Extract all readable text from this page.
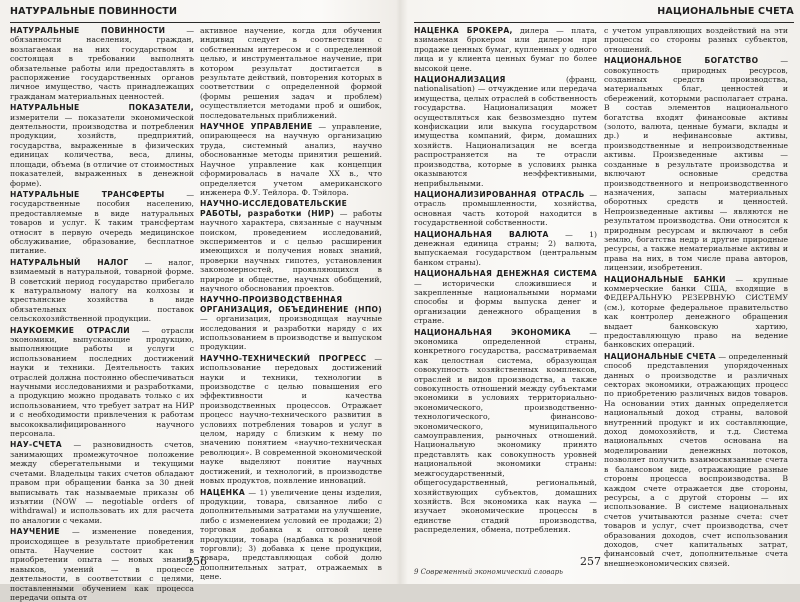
НАТУРАЛЬНЫЕ ПОВИННОСТИ

НАТУРАЛЬНЫЕ ПОВИННОСТИ	— обязанности населения, граждан, возлагаемая на них государством и состоящая в требовании выполнять обязательные работы или предоставлять в распоряжение государственных органов личное имущество, часть принадлежащих гражданам материальных ценностей.

НАТУРАЛЬНЫЕ ПОКАЗАТЕЛИ, измерители — показатели экономической деятельности, производства и потребления продукции, хозяйств, предприятий, государства, выраженные в физических единицах количества, веса, длины, площади, объема (в отличие от стоимостных показателей, выраженных в денежной форме).

НАТУРАЛЬНЫЕ ТРАНСФЕРТЫ	— государственные пособия населению, предоставляемые в виде натуральных товаров и услуг. К таким трансфертам относят в первую очередь медицинское обслуживание, образование, бесплатное питание.

НАТУРАЛЬНЫЙ НАЛОГ — налог, взимаемый в натуральной, товарной форме. В советский период государство прибегало к натуральному налогу на колхозы и крестьянские хозяйства в виде обязательных поставок сельскохозяйственной продукции.

НАУКОЕМКИЕ ОТРАСЛИ — отрасли экономики, выпускающие продукцию, выполняющие работы и услуги с использованием последних достижений науки и техники. Деятельность таких отраслей должна постоянно обеспечиваться научными исследованиями и разработками, а продукцию можно продавать только с их использованием, что требует затрат на НИР и с необходимости привлечения к работам высококвалифицированного научного персонала.

НАУ-СЧЕТА — разновидность счетов, занимающих промежуточное положение между сберегательными и текущими счетами. Владельцы таких счетов обладают правом при обращении банка за 30 дней выписывать так называемые приказы об изъятии (NOW — negotiable orders of withdrawal) и использовать их для расчета по аналогии с чеками.

НАУЧЕНИЕ — изменение поведения, происходящее в результате приобретения опыта. Научение состоит как в приобретении опыта — новых знаний, навыков, умений — в процессе деятельности, в соответствии с целями, поставленными обучением как процесса передачи опыта от

активное научение, когда для обучения индивид следует в соответствии с собственным интересом и с определенной целью, и инструментальное научение, при котором результат достигается в результате действий, повторения которых в соответствии с определенной формой (формы решения задач и проблем) осуществляется методами проб и ошибок, последовательных приближений.

НАУЧНОЕ УПРАВЛЕНИЕ — управление, опирающееся на научную организацию труда, системный анализ, научно обоснованные методы принятия решений. Научное управление как концепция сформировалась в начале XX в., что определяется учетом американского инженера Ф.У. Тейлора. Ф. Тэйлора.

НАУЧНО-ИССЛЕДОВАТЕЛЬСКИЕ РАБОТЫ, разработки (НИР) — работы научного характера, связанные с научным поиском, проведением исследований, экспериментов и с целью расширения имеющихся и получения новых знаний, проверки научных гипотез, установления закономерностей, проявляющихся в природе и обществе, научных обобщений, научного обоснования проектов.

НАУЧНО-ПРОИЗВОДСТВЕННАЯ ОРГАНИЗАЦИЯ, ОБЪЕДИНЕНИЕ (НПО) — организация, производящая научные исследования и разработки наряду с их использованием в производстве и выпуском продукции.

НАУЧНО-ТЕХНИЧЕСКИЙ ПРОГРЕСС — использование передовых достижений науки и техники, технологии в производстве с целью повышения его эффективности и качества производственных процессов. Отражает процесс научно-технического развития в условиях потребления товаров и услуг в целом, наряду с близким к нему по значению понятием «научно-техническая революция». В современной экономической науке выделяют понятие научных достижений, и технологий, в производстве новых продуктов, появление инноваций.

НАЦЕНКА — 1) увеличение цены изделия, продукции, товара, связанное либо с дополнительными затратами на улучшение, либо с изменением условий ее продажи; 2) торговая добавка к оптовой цене продукции, товара (надбавка к розничной торговли); 3) добавка к цене продукции, товара, представляющая собой долю дополнительных затрат, отражаемых в цене.

256
НАЦИОНАЛЬНЫЕ СЧЕТА

НАЦЕНКА БРОКЕРА, дилера — плата, взимаемая брокером или дилером при продаже ценных бумаг, купленных у одного лица и у клиента ценных бумаг по более высокой цене.

НАЦИОНАЛИЗАЦИЯ	(франц. nationalisation) — отчуждение или передача имущества, целых отраслей в собственность государства. Национализация может осуществляться как безвозмездно путем конфискации или выкупа государством имущества компаний, фирм, домашних хозяйств. Национализация не всегда распространяется на те отрасли производства, которые в условиях рынка оказываются неэффективными, неприбыльными.

НАЦИОНАЛИЗИРОВАННАЯ ОТРАСЛЬ — отрасль промышленности, хозяйства, основная часть которой находится в государственной собственности.

НАЦИОНАЛЬНАЯ ВАЛЮТА — 1) денежная единица страны; 2) валюта, выпускаемая государством (центральным банком страны).

НАЦИОНАЛЬНАЯ ДЕНЕЖНАЯ СИСТЕМА — исторически сложившиеся и закрепленные национальными нормами способы и формы выпуска денег и организации денежного обращения в стране.

НАЦИОНАЛЬНАЯ ЭКОНОМИКА — экономика определенной страны, конкретного государства, рассматриваемая как целостная система, образующая совокупность хозяйственных комплексов, отраслей и видов производства, а также совокупность отношений между субъектами экономики в условиях территориально-экономического, производственно-технологического, финансово-экономического, муниципального самоуправления, рыночных отношений. Национальную экономику принято представлять как совокупность уровней национальной экономики страны: межгосударственный, общегосударственный, региональный, хозяйствующих субъектов, домашних хозяйств. Вся экономика как наука — изучает экономические процессы в единстве стадий производства, распределения, обмена, потребления.

с учетом управляющих воздействий на эти процессы со стороны разных субъектов, отношений.

НАЦИОНАЛЬНОЕ БОГАТСТВО	— совокупность природных ресурсов, созданных средств производства, материальных благ, ценностей и сбережений, которыми располагает страна. В состав элементов национального богатства входят финансовые активы (золото, валюта, ценные бумаги, вклады и др.) и нефинансовые активы, производственные и непроизводственные активы. Произведенные активы — созданные в результате производства и включают основные средства производственного и непроизводственного назначения, запасы материальных оборотных средств и ценностей. Непроизведенные активы — являются не результатом производства. Они относятся к природным ресурсам и включают в себя землю, богатства недр и другие природные ресурсы, а также нематериальные активы и права на них, в том числе права авторов, лицензии, изобретения.

НАЦИОНАЛЬНЫЕ БАНКИ — крупные коммерческие банки США, входящие в ФЕДЕРАЛЬНУЮ РЕЗЕРВНУЮ СИСТЕМУ (см.), которые федеральное правительство как контролер денежного обращения выдает банковскую хартию, предоставляющую право на ведение банковских операций.

НАЦИОНАЛЬНЫЕ СЧЕТА — определенный способ представления упорядоченных данных о производстве и различных секторах экономики, отражающих процесс по приобретению различных видов товаров. На основании этих данных определяется национальный доход страны, валовой внутренний продукт и их составляющие, доход домохозяйств, и т.д. Система национальных счетов основана на моделировании денежных потоков, позволяет получить взаимосвязанные счета в балансовом виде, отражающие разные стороны процесса воспроизводства. В каждом счете отражается две стороны, ресурсы, а с другой стороны — их использование. В системе национальных счетов учитываются разные счета: счет товаров и услуг, счет производства, счет образования доходов, счет использования доходов, счет капитальных затрат, финансовый счет, дополнительные счета внешнеэкономических связей.

9 Современный экономический словарь
257
